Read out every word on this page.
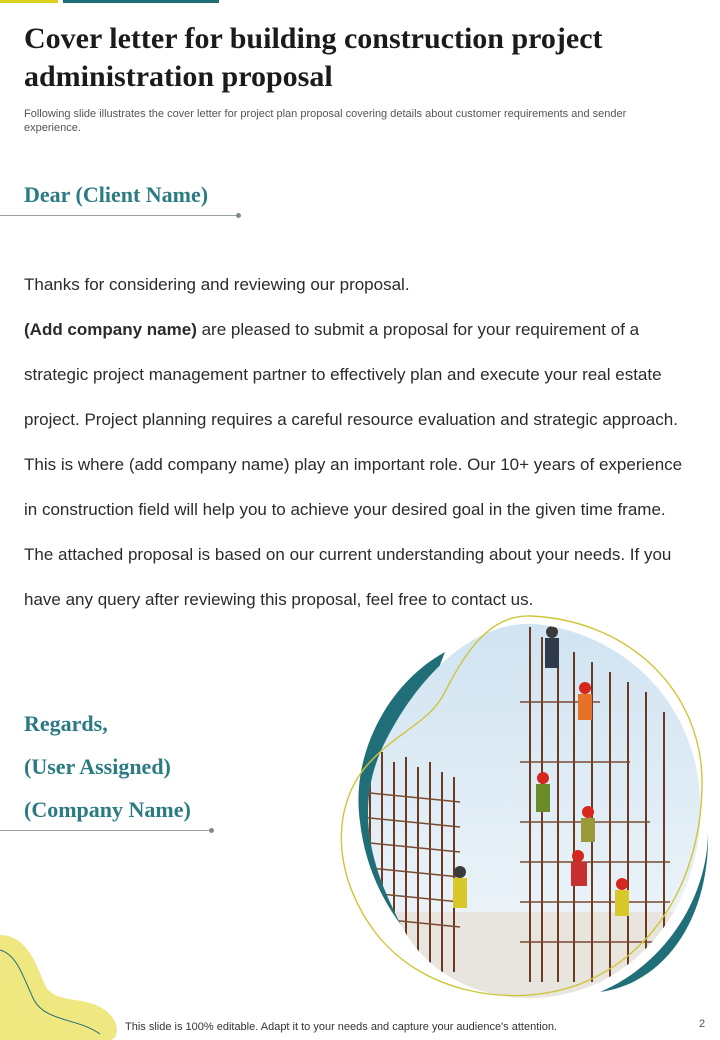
Cover letter for building construction project
administration proposal
Following slide illustrates the cover letter for project plan proposal covering details about customer requirements and sender experience.
Dear (Client Name)

Thanks for considering and reviewing our proposal.

(Add company name) are pleased to submit a proposal for your requirement of a strategic project management partner to effectively plan and execute your real estate project. Project planning requires a careful resource evaluation and strategic approach. This is where (add company name) play an important role. Our 10+ years of experience in construction field will help you to achieve your desired goal in the given time frame. The attached proposal is based on our current understanding about your needs. If you have any query after reviewing this proposal, feel free to contact us.

Regards,
(User Assigned)
(Company Name)
This slide is 100% editable. Adapt it to your needs and capture your audience's attention.	2
